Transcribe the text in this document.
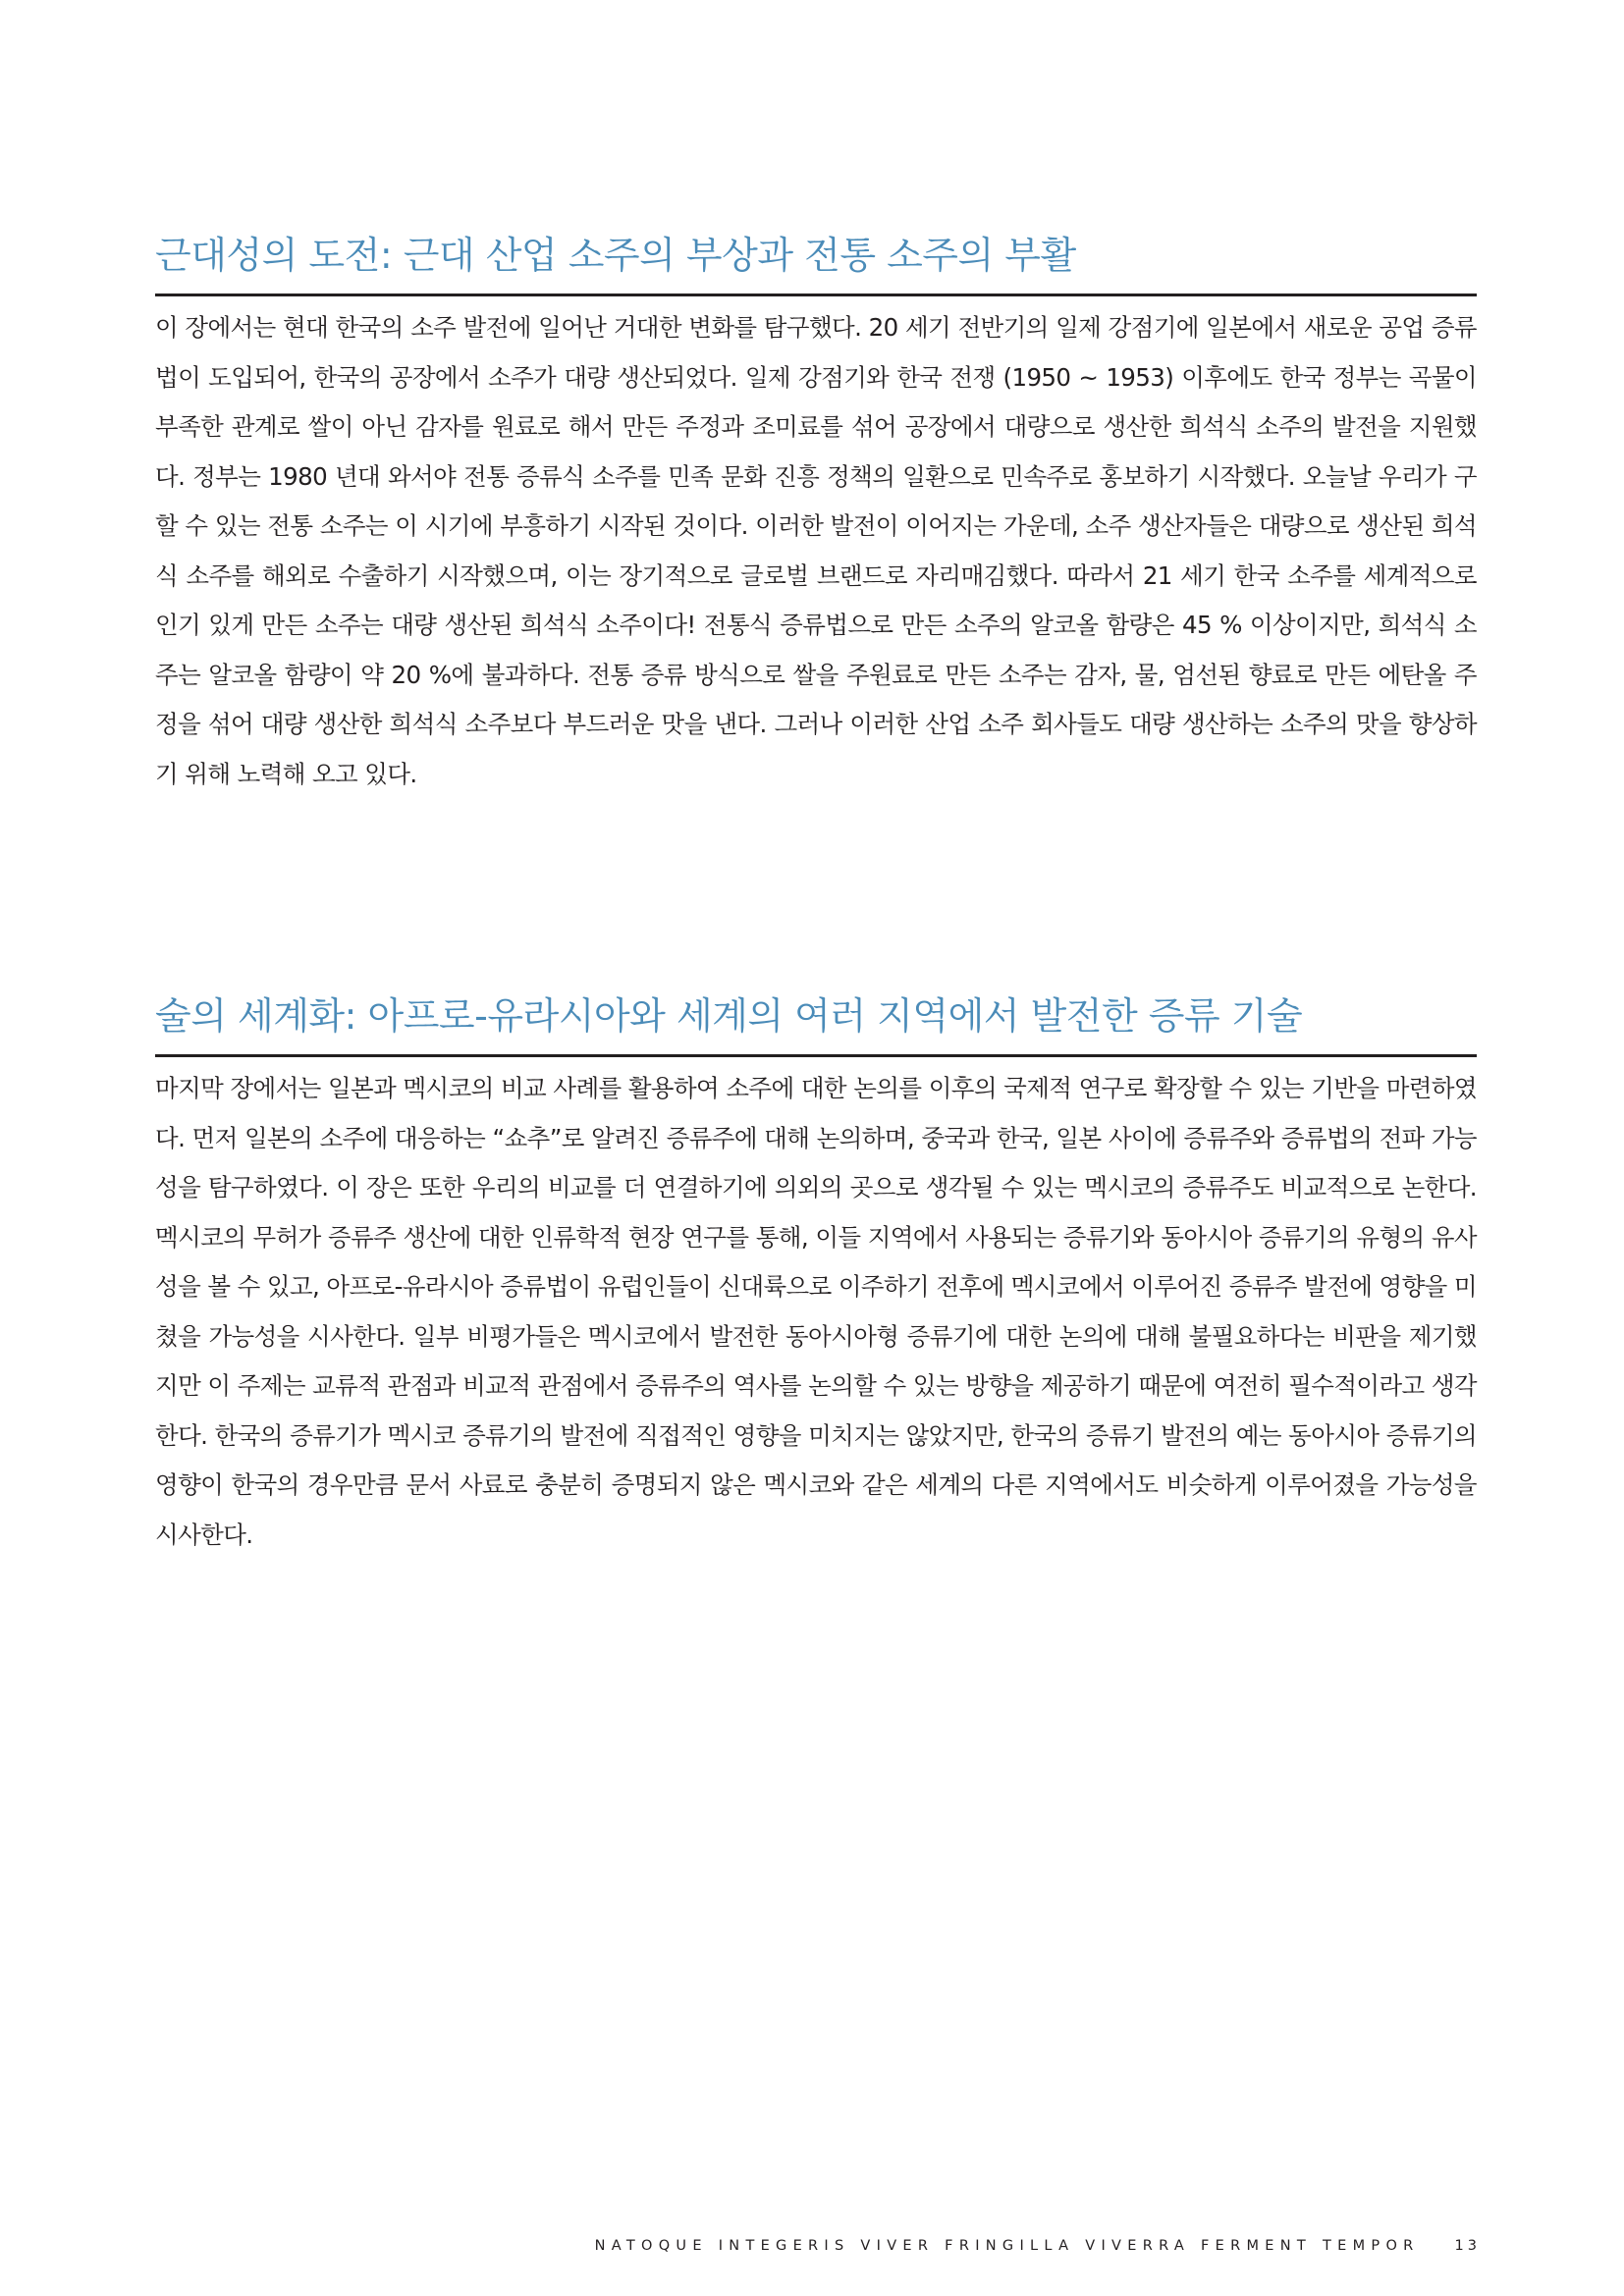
근대성의 도전: 근대 산업 소주의 부상과 전통 소주의 부활

이 장에서는 현대 한국의 소주 발전에 일어난 거대한 변화를 탐구했다. 20 세기 전반기의 일제 강점기에 일본에서 새로운 공업 증류법이 도입되어, 한국의 공장에서 소주가 대량 생산되었다. 일제 강점기와 한국 전쟁 (1950 ~ 1953) 이후에도 한국 정부는 곡물이 부족한 관계로 쌀이 아닌 감자를 원료로 해서 만든 주정과 조미료를 섞어 공장에서 대량으로 생산한 희석식 소주의 발전을 지원했다. 정부는 1980 년대 와서야 전통 증류식 소주를 민족 문화 진흥 정책의 일환으로 민속주로 홍보하기 시작했다. 오늘날 우리가 구할 수 있는 전통 소주는 이 시기에 부흥하기 시작된 것이다. 이러한 발전이 이어지는 가운데, 소주 생산자들은 대량으로 생산된 희석식 소주를 해외로 수출하기 시작했으며, 이는 장기적으로 글로벌 브랜드로 자리매김했다. 따라서 21 세기 한국 소주를 세계적으로 인기 있게 만든 소주는 대량 생산된 희석식 소주이다! 전통식 증류법으로 만든 소주의 알코올 함량은 45 % 이상이지만, 희석식 소주는 알코올 함량이 약 20 %에 불과하다. 전통 증류 방식으로 쌀을 주원료로 만든 소주는 감자, 물, 엄선된 향료로 만든 에탄올 주정을 섞어 대량 생산한 희석식 소주보다 부드러운 맛을 낸다. 그러나 이러한 산업 소주 회사들도 대량 생산하는 소주의 맛을 향상하기 위해 노력해 오고 있다.

술의 세계화: 아프로-유라시아와 세계의 여러 지역에서 발전한 증류 기술

마지막 장에서는 일본과 멕시코의 비교 사례를 활용하여 소주에 대한 논의를 이후의 국제적 연구로 확장할 수 있는 기반을 마련하였다. 먼저 일본의 소주에 대응하는 “쇼추”로 알려진 증류주에 대해 논의하며, 중국과 한국, 일본 사이에 증류주와 증류법의 전파 가능성을 탐구하였다. 이 장은 또한 우리의 비교를 더 연결하기에 의외의 곳으로 생각될 수 있는 멕시코의 증류주도 비교적으로 논한다. 멕시코의 무허가 증류주 생산에 대한 인류학적 현장 연구를 통해, 이들 지역에서 사용되는 증류기와 동아시아 증류기의 유형의 유사성을 볼 수 있고, 아프로-유라시아 증류법이 유럽인들이 신대륙으로 이주하기 전후에 멕시코에서 이루어진 증류주 발전에 영향을 미쳤을 가능성을 시사한다. 일부 비평가들은 멕시코에서 발전한 동아시아형 증류기에 대한 논의에 대해 불필요하다는 비판을 제기했지만 이 주제는 교류적 관점과 비교적 관점에서 증류주의 역사를 논의할 수 있는 방향을 제공하기 때문에 여전히 필수적이라고 생각한다. 한국의 증류기가 멕시코 증류기의 발전에 직접적인 영향을 미치지는 않았지만, 한국의 증류기 발전의 예는 동아시아 증류기의 영향이 한국의 경우만큼 문서 사료로 충분히 증명되지 않은 멕시코와 같은 세계의 다른 지역에서도 비슷하게 이루어졌을 가능성을 시사한다.

NATOQUE INTEGERIS VIVER FRINGILLA VIVERRA FERMENT TEMPOR 13
